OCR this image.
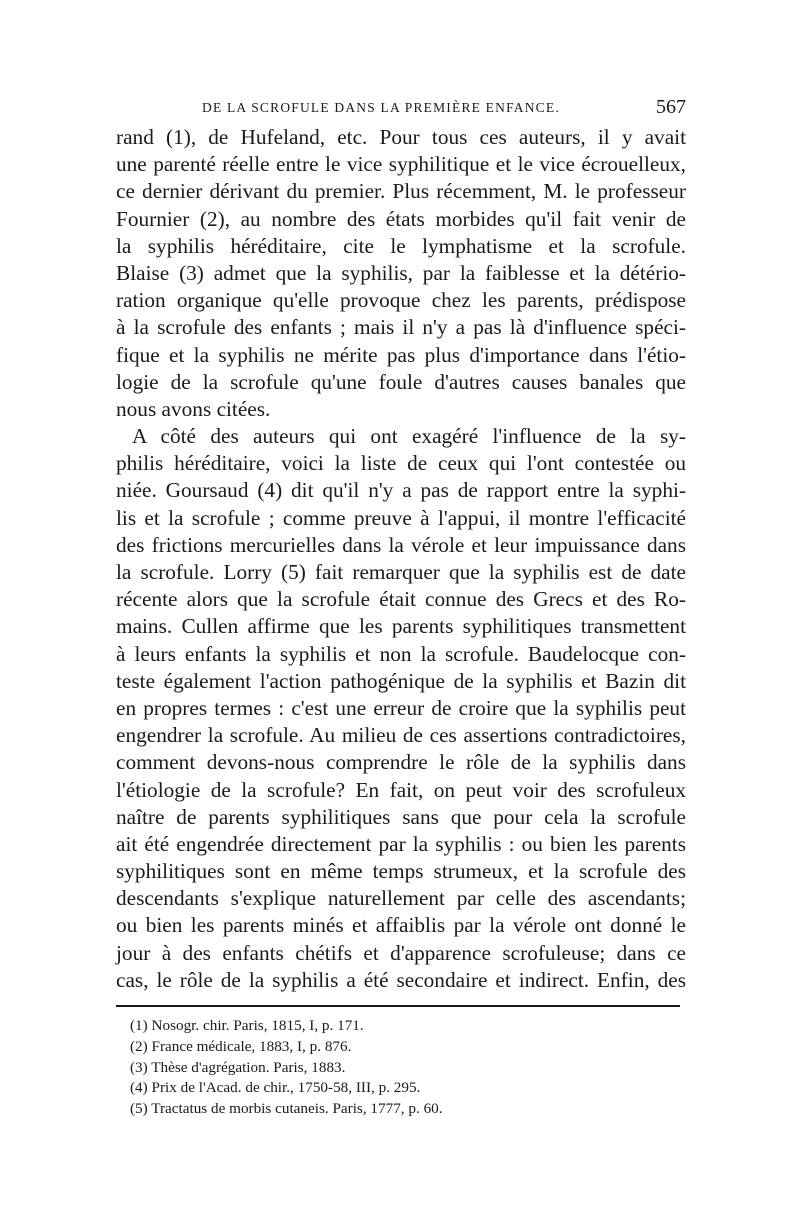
DE LA SCROFULE DANS LA PREMIÈRE ENFANCE.	567
rand (1), de Hufeland, etc. Pour tous ces auteurs, il y avait
une parenté réelle entre le vice syphilitique et le vice écrouelleux,
ce dernier dérivant du premier. Plus récemment, M. le professeur
Fournier (2), au nombre des états morbides qu'il fait venir de
la syphilis héréditaire, cite le lymphatisme et la scrofule.
Blaise (3) admet que la syphilis, par la faiblesse et la détério-
ration organique qu'elle provoque chez les parents, prédispose
à la scrofule des enfants ; mais il n'y a pas là d'influence spéci-
fique et la syphilis ne mérite pas plus d'importance dans l'étio-
logie de la scrofule qu'une foule d'autres causes banales que
nous avons citées.
A côté des auteurs qui ont exagéré l'influence de la sy-
philis héréditaire, voici la liste de ceux qui l'ont contestée ou
niée. Goursaud (4) dit qu'il n'y a pas de rapport entre la syphi-
lis et la scrofule ; comme preuve à l'appui, il montre l'efficacité
des frictions mercurielles dans la vérole et leur impuissance dans
la scrofule. Lorry (5) fait remarquer que la syphilis est de date
récente alors que la scrofule était connue des Grecs et des Ro-
mains. Cullen affirme que les parents syphilitiques transmettent
à leurs enfants la syphilis et non la scrofule. Baudelocque con-
teste également l'action pathogénique de la syphilis et Bazin dit
en propres termes : c'est une erreur de croire que la syphilis peut
engendrer la scrofule. Au milieu de ces assertions contradictoires,
comment devons-nous comprendre le rôle de la syphilis dans
l'étiologie de la scrofule? En fait, on peut voir des scrofuleux
naître de parents syphilitiques sans que pour cela la scrofule
ait été engendrée directement par la syphilis : ou bien les parents
syphilitiques sont en même temps strumeux, et la scrofule des
descendants s'explique naturellement par celle des ascendants;
ou bien les parents minés et affaiblis par la vérole ont donné le
jour à des enfants chétifs et d'apparence scrofuleuse; dans ce
cas, le rôle de la syphilis a été secondaire et indirect. Enfin, des
(1) Nosogr. chir. Paris, 1815, I, p. 171.
(2) France médicale, 1883, I, p. 876.
(3) Thèse d'agrégation. Paris, 1883.
(4) Prix de l'Acad. de chir., 1750-58, III, p. 295.
(5) Tractatus de morbis cutaneis. Paris, 1777, p. 60.
